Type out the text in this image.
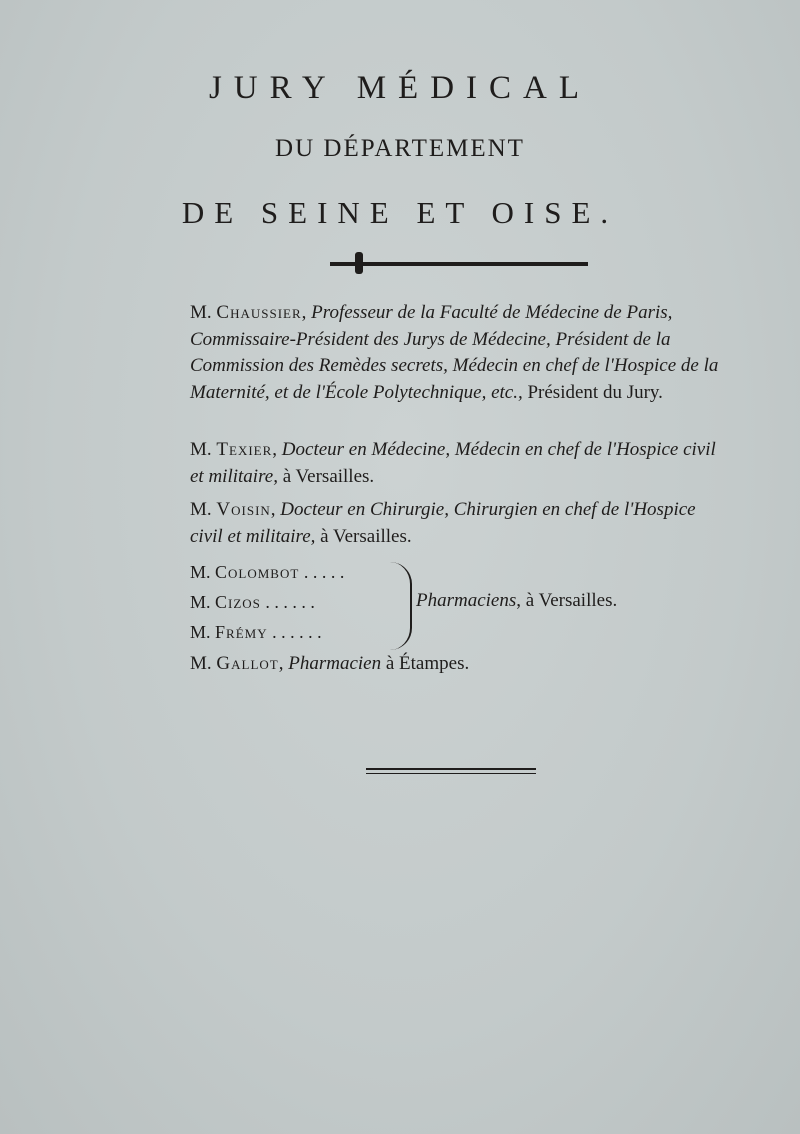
JURY MÉDICAL
DU DÉPARTEMENT
DE SEINE ET OISE.
M. Chaussier, Professeur de la Faculté de Médecine de Paris, Commissaire-Président des Jurys de Médecine, Président de la Commission des Remèdes secrets, Médecin en chef de l'Hospice de la Maternité, et de l'École Polytechnique, etc., Président du Jury.
M. Texier, Docteur en Médecine, Médecin en chef de l'Hospice civil et militaire, à Versailles.
M. Voisin, Docteur en Chirurgie, Chirurgien en chef de l'Hospice civil et militaire, à Versailles.
M. Colombot . . . . .
M. Cizos . . . . . .
M. Frémy . . . . . .
Pharmaciens, à Versailles.
M. Gallot, Pharmacien à Étampes.
